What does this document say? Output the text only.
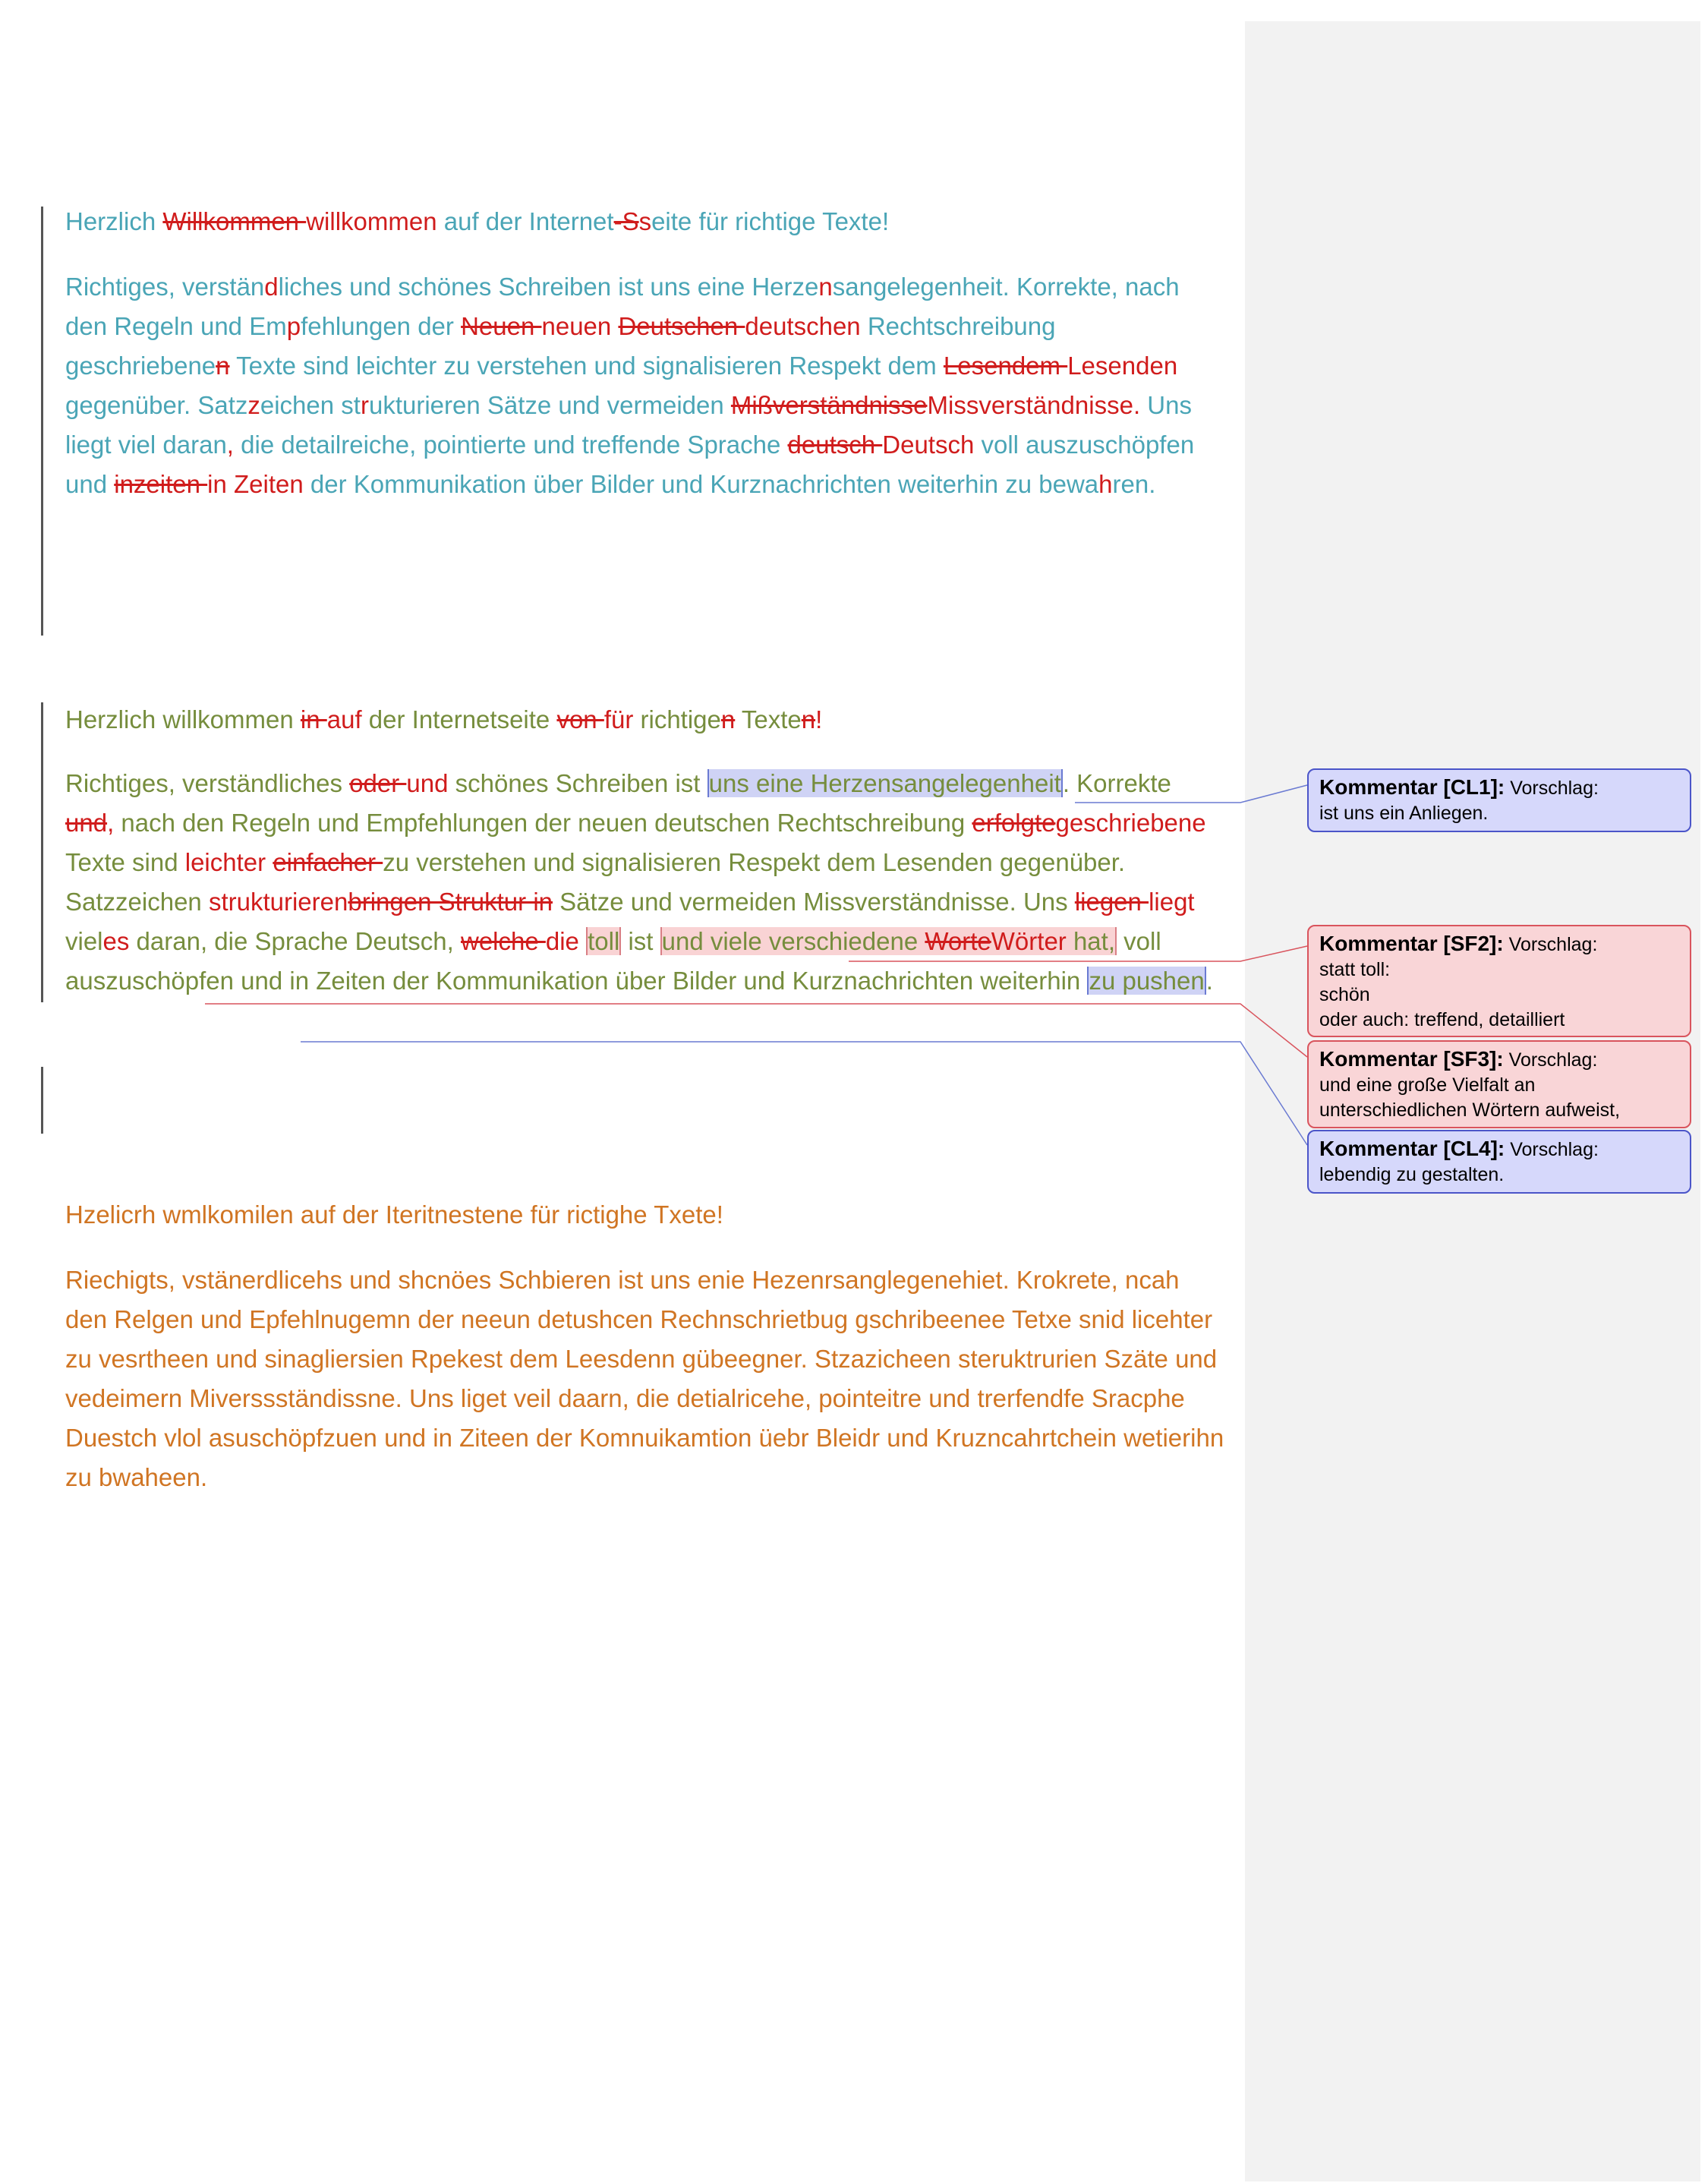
Herzlich Willkommen willkommen auf der Internet-Sseite für richtige Texte!

Richtiges, verständliches und schönes Schreiben ist uns eine Herzensangelegenheit. Korrekte, nach den Regeln und Empfehlungen der Neuen neuen Deutschen deutschen Rechtschreibung geschriebenen Texte sind leichter zu verstehen und signalisieren Respekt dem Lesendem Lesenden gegenüber. Satzzeichen strukturieren Sätze und vermeiden MißverständnisseMissverständnisse. Uns liegt viel daran, die detailreiche, pointierte und treffende Sprache deutsch Deutsch voll auszuschöpfen und inzeiten in Zeiten der Kommunikation über Bilder und Kurznachrichten weiterhin zu bewahren.

Herzlich willkommen in auf der Internetseite von für richtigen Texten!

Richtiges, verständliches oder und schönes Schreiben ist uns eine Herzensangelegenheit. Korrekte und, nach den Regeln und Empfehlungen der neuen deutschen Rechtschreibung erfolgtegeschriebene Texte sind leichter einfacher zu verstehen und signalisieren Respekt dem Lesenden gegenüber. Satzzeichen strukturierenbringen Struktur in Sätze und vermeiden Missverständnisse. Uns liegen liegt vieles daran, die Sprache Deutsch, welche die toll ist und viele verschiedene WorteWörter hat, voll auszuschöpfen und in Zeiten der Kommunikation über Bilder und Kurznachrichten weiterhin zu pushen.

Hzelicrh wmlkomilen auf der Iteritnestene für rictighe Txete!

Riechigts, vstänerdlicehs und shcnöes Schbieren ist uns enie Hezenrsanglegenehiet. Krokrete, ncah den Relgen und Epfehlnugemn der neeun detushcen Rechnschrietbug gschribeenee Tetxe snid licehter zu vesrtheen und sinagliersien Rpekest dem Leesdenn gübeegner. Stzazicheen steruktrurien Szäte und vedeimern Miverssständissne. Uns liget veil daarn, die detialricehe, pointeitre und trerfendfe Sracphe Duestch vlol asuschöpfzuen und in Ziteen der Komnuikamtion üebr Bleidr und Kruzncahrtchein wetierihn zu bwaheen.

Kommentar [CL1]: Vorschlag:
ist uns ein Anliegen.
Kommentar [SF2]: Vorschlag:
statt toll:
schön
oder auch: treffend, detailliert
Kommentar [SF3]: Vorschlag:
und eine große Vielfalt an
unterschiedlichen Wörtern aufweist,
Kommentar [CL4]: Vorschlag:
lebendig zu gestalten.
